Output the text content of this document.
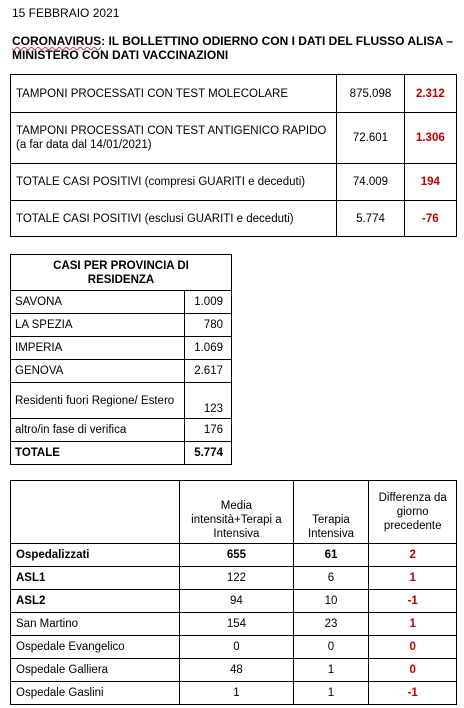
15 FEBBRAIO 2021
CORONAVIRUS: IL BOLLETTINO ODIERNO CON I DATI DEL FLUSSO ALISA – MINISTERO CON DATI VACCINAZIONI
TAMPONI PROCESSATI CON TEST MOLECOLARE	875.098	2.312
TAMPONI PROCESSATI CON TEST ANTIGENICO RAPIDO (a far data dal 14/01/2021)	72.601	1.306
TOTALE CASI POSITIVI (compresi GUARITI e deceduti)	74.009	194
TOTALE CASI POSITIVI (esclusi GUARITI e deceduti)	5.774	-76
CASI PER PROVINCIA DI RESIDENZA	
SAVONA	1.009
LA SPEZIA	780
IMPERIA	1.069
GENOVA	2.617
Residenti fuori Regione/ Estero	123
altro/in fase di verifica	176
TOTALE	5.774
	Media intensità+Terapi a Intensiva	Terapia Intensiva	Differenza da giorno precedente
Ospedalizzati	655	61	2
ASL1	122	6	1
ASL2	94	10	-1
San Martino	154	23	1
Ospedale Evangelico	0	0	0
Ospedale Galliera	48	1	0
Ospedale Gaslini	1	1	-1
